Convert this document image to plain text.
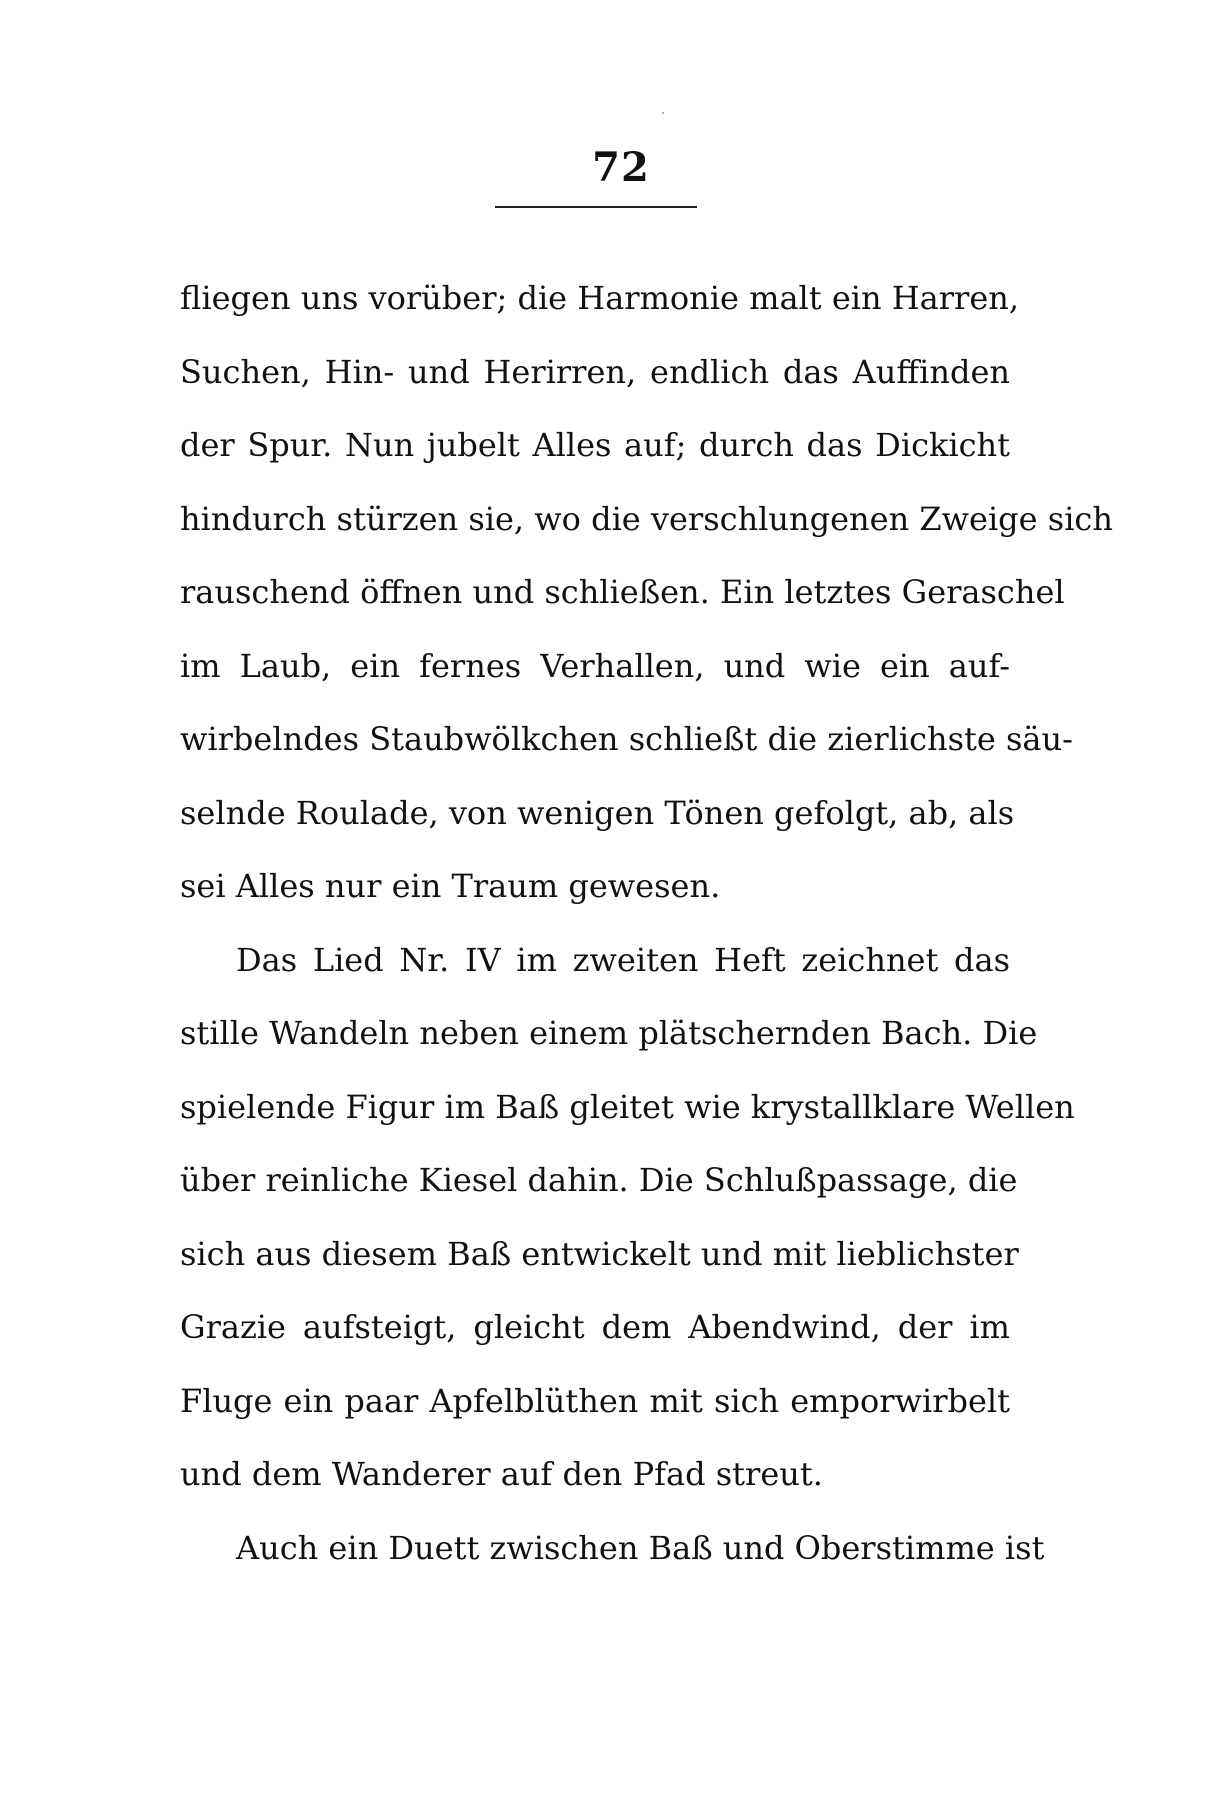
72
fliegen uns vorüber; die Harmonie malt ein Harren,
Suchen, Hin- und Herirren, endlich das Auffinden
der Spur. Nun jubelt Alles auf; durch das Dickicht
hindurch stürzen sie, wo die verschlungenen Zweige sich
rauschend öffnen und schließen. Ein letztes Geraschel
im Laub, ein fernes Verhallen, und wie ein auf-
wirbelndes Staubwölkchen schließt die zierlichste säu-
selnde Roulade, von wenigen Tönen gefolgt, ab, als
sei Alles nur ein Traum gewesen.
Das Lied Nr. IV im zweiten Heft zeichnet das
stille Wandeln neben einem plätschernden Bach. Die
spielende Figur im Baß gleitet wie krystallklare Wellen
über reinliche Kiesel dahin. Die Schlußpassage, die
sich aus diesem Baß entwickelt und mit lieblichster
Grazie aufsteigt, gleicht dem Abendwind, der im
Fluge ein paar Apfelblüthen mit sich emporwirbelt
und dem Wanderer auf den Pfad streut.
Auch ein Duett zwischen Baß und Oberstimme ist
